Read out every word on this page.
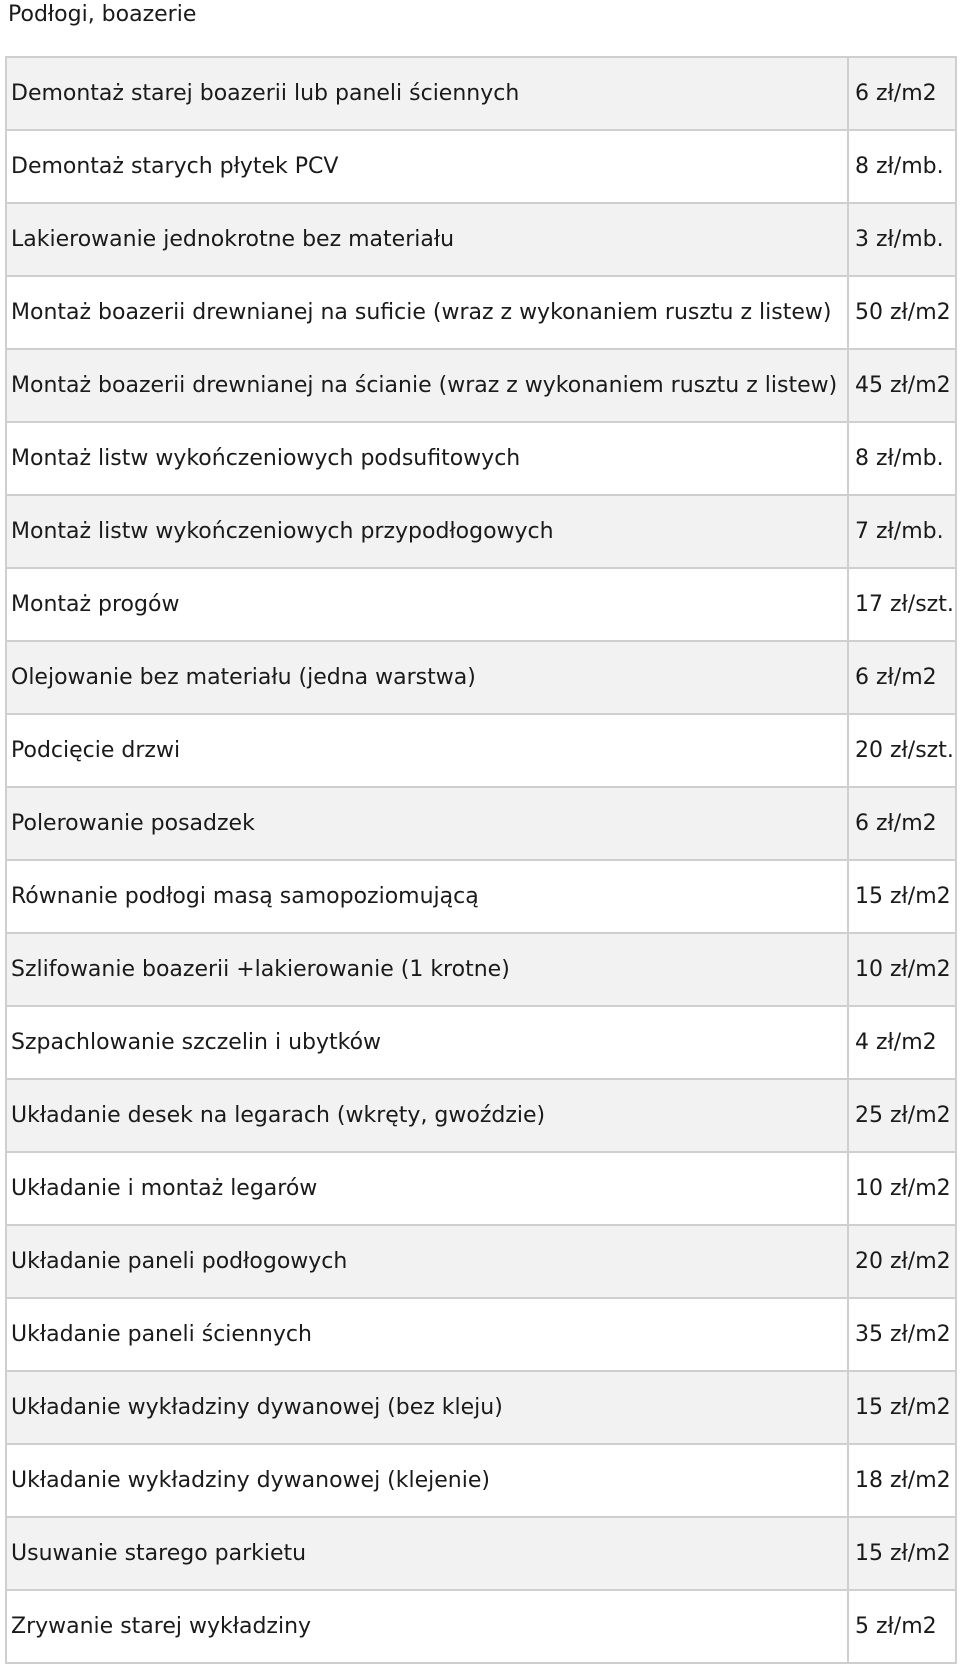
Podłogi, boazerie
Demontaż starej boazerii lub paneli ściennych	6 zł/m2
Demontaż starych płytek PCV	8 zł/mb.
Lakierowanie jednokrotne bez materiału	3 zł/mb.
Montaż boazerii drewnianej na suficie (wraz z wykonaniem rusztu z listew)	50 zł/m2
Montaż boazerii drewnianej na ścianie (wraz z wykonaniem rusztu z listew)	45 zł/m2
Montaż listw wykończeniowych podsufitowych	8 zł/mb.
Montaż listw wykończeniowych przypodłogowych	7 zł/mb.
Montaż progów	17 zł/szt.
Olejowanie bez materiału (jedna warstwa)	6 zł/m2
Podcięcie drzwi	20 zł/szt.
Polerowanie posadzek	6 zł/m2
Równanie podłogi masą samopoziomującą	15 zł/m2
Szlifowanie boazerii +lakierowanie (1 krotne)	10 zł/m2
Szpachlowanie szczelin i ubytków	4 zł/m2
Układanie desek na legarach (wkręty, gwoździe)	25 zł/m2
Układanie i montaż legarów	10 zł/m2
Układanie paneli podłogowych	20 zł/m2
Układanie paneli ściennych	35 zł/m2
Układanie wykładziny dywanowej (bez kleju)	15 zł/m2
Układanie wykładziny dywanowej (klejenie)	18 zł/m2
Usuwanie starego parkietu	15 zł/m2
Zrywanie starej wykładziny	5 zł/m2
